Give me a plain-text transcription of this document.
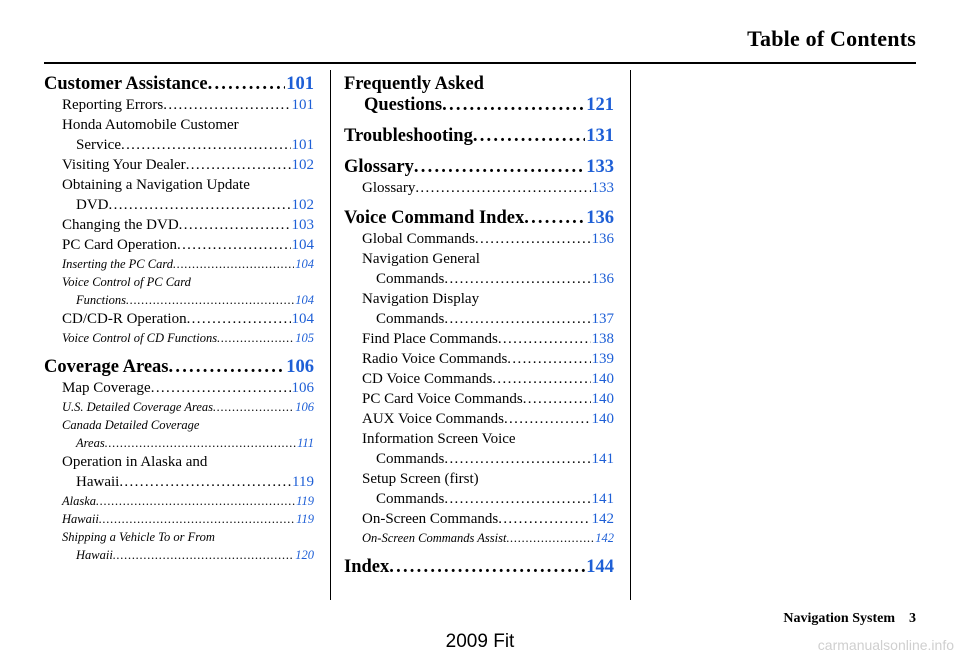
Table of Contents
Customer Assistance . . .	101
Reporting Errors . . .	101
Honda Automobile Customer
Service . . .	101
Visiting Your Dealer . . .	102
Obtaining a Navigation Update
DVD . . .	102
Changing the DVD . . .	103
PC Card Operation . . .	104
Inserting the PC Card . . .	104
Voice Control of PC Card
Functions . . .	104
CD/CD-R Operation . . .	104
Voice Control of CD Functions . . .	105
Coverage Areas . . .	106
Map Coverage . . .	106
U.S. Detailed Coverage Areas . . .	106
Canada Detailed Coverage
Areas . . .	111
Operation in Alaska and
Hawaii . . .	119
Alaska . . .	119
Hawaii . . .	119
Shipping a Vehicle To or From
Hawaii . . .	120
Frequently Asked
Questions . . .	121
Troubleshooting . . .	131
Glossary . . .	133
Glossary . . .	133
Voice Command Index . . .	136
Global Commands . . .	136
Navigation General
Commands . . .	136
Navigation Display
Commands . . .	137
Find Place Commands . . .	138
Radio Voice Commands . . .	139
CD Voice Commands . . .	140
PC Card Voice Commands . . .	140
AUX Voice Commands . . .	140
Information Screen Voice
Commands . . .	141
Setup Screen (first)
Commands . . .	141
On-Screen Commands . . .	142
On-Screen Commands Assist . . .	142
Index . . .	144
Navigation System 3
2009 Fit	carmanualsonline.info
